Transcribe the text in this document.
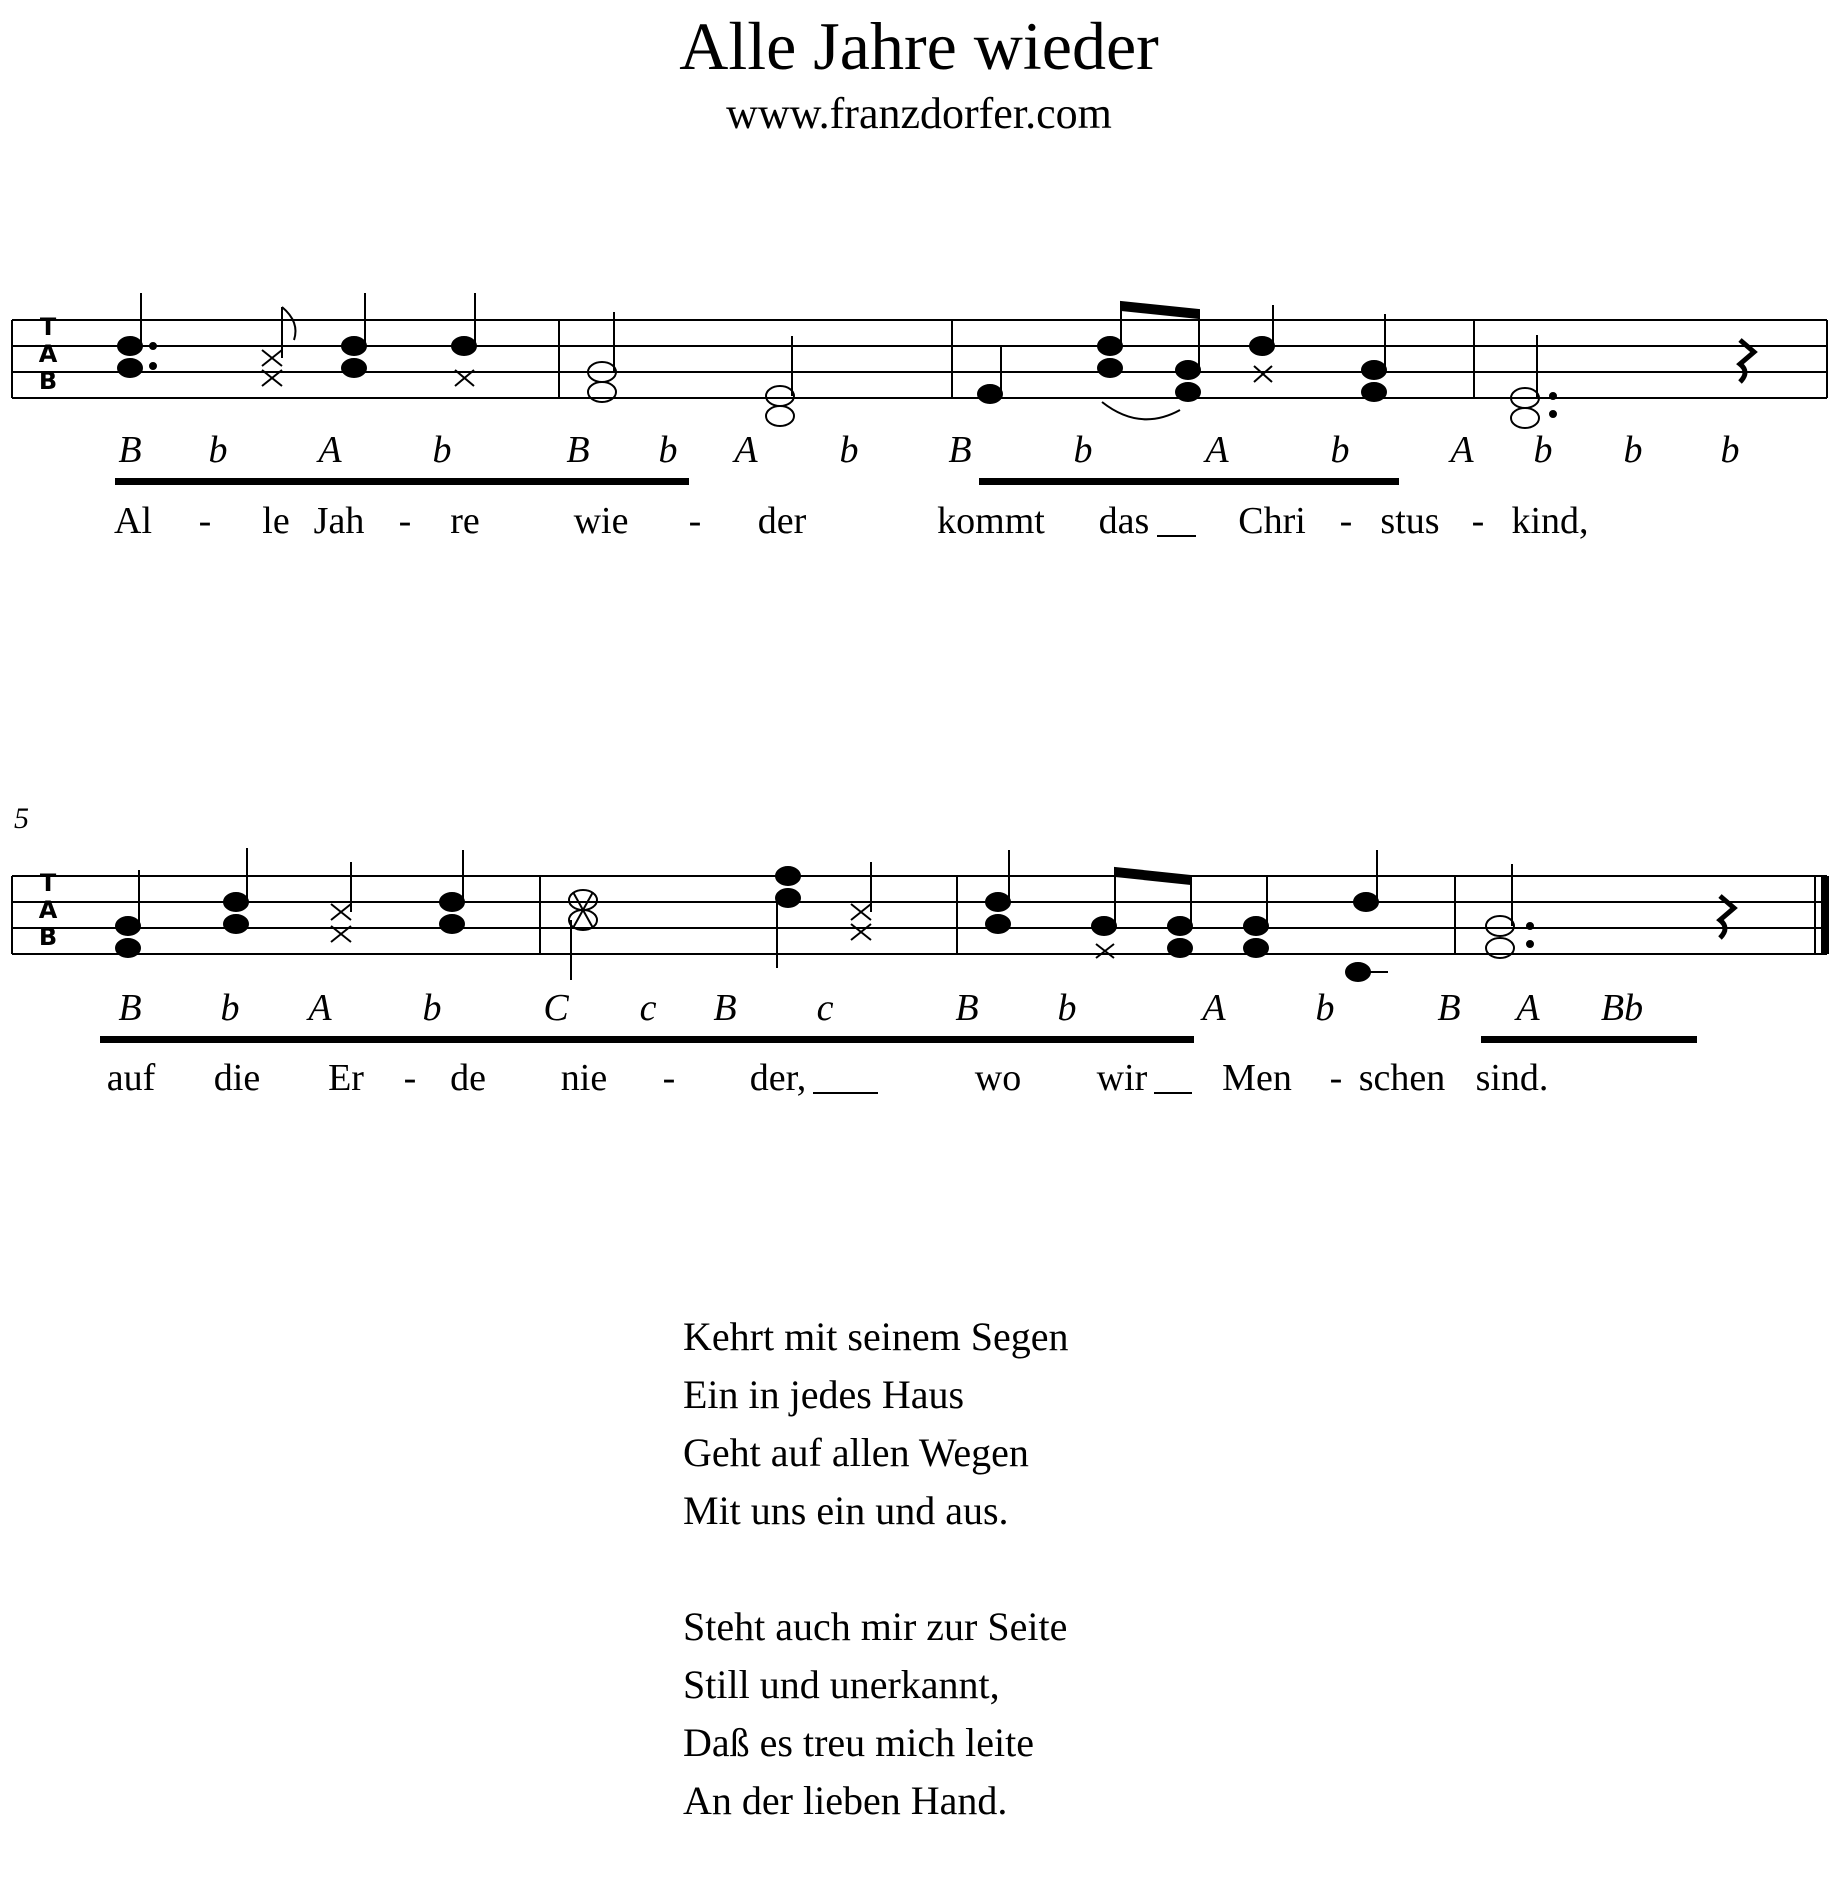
Alle Jahre wieder
www.franzdorfer.com
T
A
B
B b A b	B b A b B	b	A	b	A b b b
Al - le Jah - re wie - der	kommt das Chri - stus - kind,
5
T
A
B
B b A b	C c B c	B b	A b	B A Bb
auf die Er - de nie - der,	wo wir Men - schen sind.
Kehrt mit seinem Segen
Ein in jedes Haus
Geht auf allen Wegen
Mit uns ein und aus.
Steht auch mir zur Seite
Still und unerkannt,
Daß es treu mich leite
An der lieben Hand.
